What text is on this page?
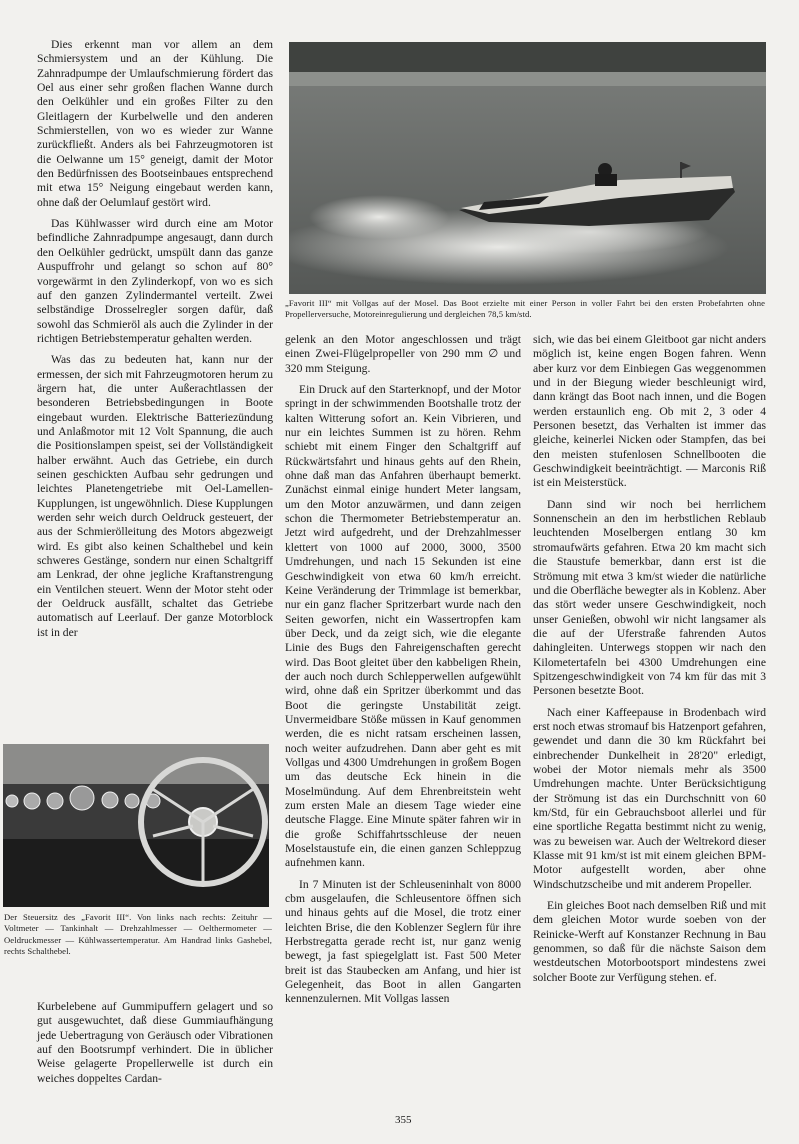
„Favorit III“ mit Vollgas auf der Mosel. Das Boot erzielte mit einer Person in voller Fahrt bei den ersten Probefahrten ohne Propellerversuche, Motoreinregulierung und dergleichen 78,5 km/std.

Dies erkennt man vor allem an dem Schmiersystem und an der Kühlung. Die Zahnradpumpe der Umlaufschmierung fördert das Oel aus einer sehr großen flachen Wanne durch den Oelkühler und ein großes Filter zu den Gleitlagern der Kurbelwelle und den anderen Schmierstellen, von wo es wieder zur Wanne zurückfließt. Anders als bei Fahrzeugmotoren ist die Oelwanne um 15° geneigt, damit der Motor den Bedürfnissen des Bootseinbaues entsprechend mit etwa 15° Neigung eingebaut werden kann, ohne daß der Oelumlauf gestört wird.

Das Kühlwasser wird durch eine am Motor befindliche Zahnradpumpe angesaugt, dann durch den Oelkühler gedrückt, umspült dann das ganze Auspuffrohr und gelangt so schon auf 80° vorgewärmt in den Zylinderkopf, von wo es sich auf den ganzen Zylindermantel verteilt. Zwei selbständige Drosselregler sorgen dafür, daß sowohl das Schmieröl als auch die Zylinder in der richtigen Betriebstemperatur gehalten werden.

Was das zu bedeuten hat, kann nur der ermessen, der sich mit Fahrzeugmotoren herum zu ärgern hat, die unter Außerachtlassen der besonderen Betriebsbedingungen in Boote eingebaut wurden. Elektrische Batteriezündung und Anlaßmotor mit 12 Volt Spannung, die auch die Positionslampen speist, sei der Vollständigkeit halber erwähnt. Auch das Getriebe, ein durch seinen geschickten Aufbau sehr gedrungen und leichtes Planetengetriebe mit Oel-Lamellen-Kupplungen, ist ungewöhnlich. Diese Kupplungen werden sehr weich durch Oeldruck gesteuert, der aus der Schmierölleitung des Motors abgezweigt wird. Es gibt also keinen Schalthebel und kein schweres Gestänge, sondern nur einen Schaltgriff am Lenkrad, der ohne jegliche Kraftanstrengung ein Ventilchen steuert. Wenn der Motor steht oder der Oeldruck ausfällt, schaltet das Getriebe automatisch auf Leerlauf. Der ganze Motorblock ist in der

Der Steuersitz des „Favorit III“. Von links nach rechts: Zeituhr — Voltmeter — Tankinhalt — Drehzahlmesser — Oelthermometer — Oeldruckmesser — Kühlwassertemperatur. Am Handrad links Gashebel, rechts Schalthebel.

Kurbelebene auf Gummipuffern gelagert und so gut ausgewuchtet, daß diese Gummiaufhängung jede Uebertragung von Geräusch oder Vibrationen auf den Bootsrumpf verhindert. Die in üblicher Weise gelagerte Propellerwelle ist durch ein weiches doppeltes Cardan-

gelenk an den Motor angeschlossen und trägt einen Zwei-Flügelpropeller von 290 mm ∅ und 320 mm Steigung.

Ein Druck auf den Starterknopf, und der Motor springt in der schwimmenden Bootshalle trotz der kalten Witterung sofort an. Kein Vibrieren, und nur ein leichtes Summen ist zu hören. Rehm schiebt mit einem Finger den Schaltgriff auf Rückwärtsfahrt und hinaus gehts auf den Rhein, ohne daß man das Anfahren überhaupt bemerkt. Zunächst einmal einige hundert Meter langsam, um den Motor anzuwärmen, und dann zeigen schon die Thermometer Betriebstemperatur an. Jetzt wird aufgedreht, und der Drehzahlmesser klettert von 1000 auf 2000, 3000, 3500 Umdrehungen, und nach 15 Sekunden ist eine Geschwindigkeit von etwa 60 km/h erreicht. Keine Veränderung der Trimmlage ist bemerkbar, nur ein ganz flacher Spritzerbart wurde nach den Seiten geworfen, nicht ein Wassertropfen kam über Deck, und da zeigt sich, wie die elegante Linie des Bugs den Fahreigenschaften gerecht wird. Das Boot gleitet über den kabbeligen Rhein, der auch noch durch Schlepperwellen aufgewühlt wird, ohne daß ein Spritzer überkommt und das Boot die geringste Unstabilität zeigt. Unvermeidbare Stöße müssen in Kauf genommen werden, die es nicht ratsam erscheinen lassen, noch weiter aufzudrehen. Dann aber geht es mit Vollgas und 4300 Umdrehungen in großem Bogen um das deutsche Eck hinein in die Moselmündung. Auf dem Ehrenbreitstein weht zum ersten Male an diesem Tage wieder eine deutsche Flagge. Eine Minute später fahren wir in die große Schiffahrtsschleuse der neuen Moselstaustufe ein, die einen ganzen Schleppzug aufnehmen kann.

In 7 Minuten ist der Schleuseninhalt von 8000 cbm ausgelaufen, die Schleusentore öffnen sich und hinaus gehts auf die Mosel, die trotz einer leichten Brise, die den Koblenzer Seglern für ihre Herbstregatta gerade recht ist, nur ganz wenig bewegt, ja fast spiegelglatt ist. Fast 500 Meter breit ist das Staubecken am Anfang, und hier ist Gelegenheit, das Boot in allen Gangarten kennenzulernen. Mit Vollgas lassen

sich, wie das bei einem Gleitboot gar nicht anders möglich ist, keine engen Bogen fahren. Wenn aber kurz vor dem Einbiegen Gas weggenommen und in der Biegung wieder beschleunigt wird, dann krängt das Boot nach innen, und die Bogen werden erstaunlich eng. Ob mit 2, 3 oder 4 Personen besetzt, das Verhalten ist immer das gleiche, keinerlei Nicken oder Stampfen, das bei den meisten stufenlosen Schnellbooten die Geschwindigkeit beeinträchtigt. — Marconis Riß ist ein Meisterstück.

Dann sind wir noch bei herrlichem Sonnenschein an den im herbstlichen Reblaub leuchtenden Moselbergen entlang 30 km stromaufwärts gefahren. Etwa 20 km macht sich die Staustufe bemerkbar, dann erst ist die Strömung mit etwa 3 km/st wieder die natürliche und die Oberfläche bewegter als in Koblenz. Aber das stört weder unsere Geschwindigkeit, noch unser Genießen, obwohl wir nicht langsamer als die auf der Uferstraße fahrenden Autos dahingleiten. Unterwegs stoppen wir nach den Kilometertafeln bei 4300 Umdrehungen eine Spitzengeschwindigkeit von 74 km für das mit 3 Personen besetzte Boot.

Nach einer Kaffeepause in Brodenbach wird erst noch etwas stromauf bis Hatzenport gefahren, gewendet und dann die 30 km Rückfahrt bei einbrechender Dunkelheit in 28'20" erledigt, wobei der Motor niemals mehr als 3500 Umdrehungen machte. Unter Berücksichtigung der Strömung ist das ein Durchschnitt von 60 km/Std, für ein Gebrauchsboot allerlei und für eine sportliche Regatta bestimmt nicht zu wenig, was zu beweisen war. Auch der Weltrekord dieser Klasse mit 91 km/st ist mit einem gleichen BPM-Motor aufgestellt worden, aber ohne Windschutzscheibe und mit anderem Propeller.

Ein gleiches Boot nach demselben Riß und mit dem gleichen Motor wurde soeben von der Reinicke-Werft auf Konstanzer Rechnung in Bau genommen, so daß für die nächste Saison dem westdeutschen Motorbootsport mindestens zwei solcher Boote zur Verfügung stehen. ef.

355
